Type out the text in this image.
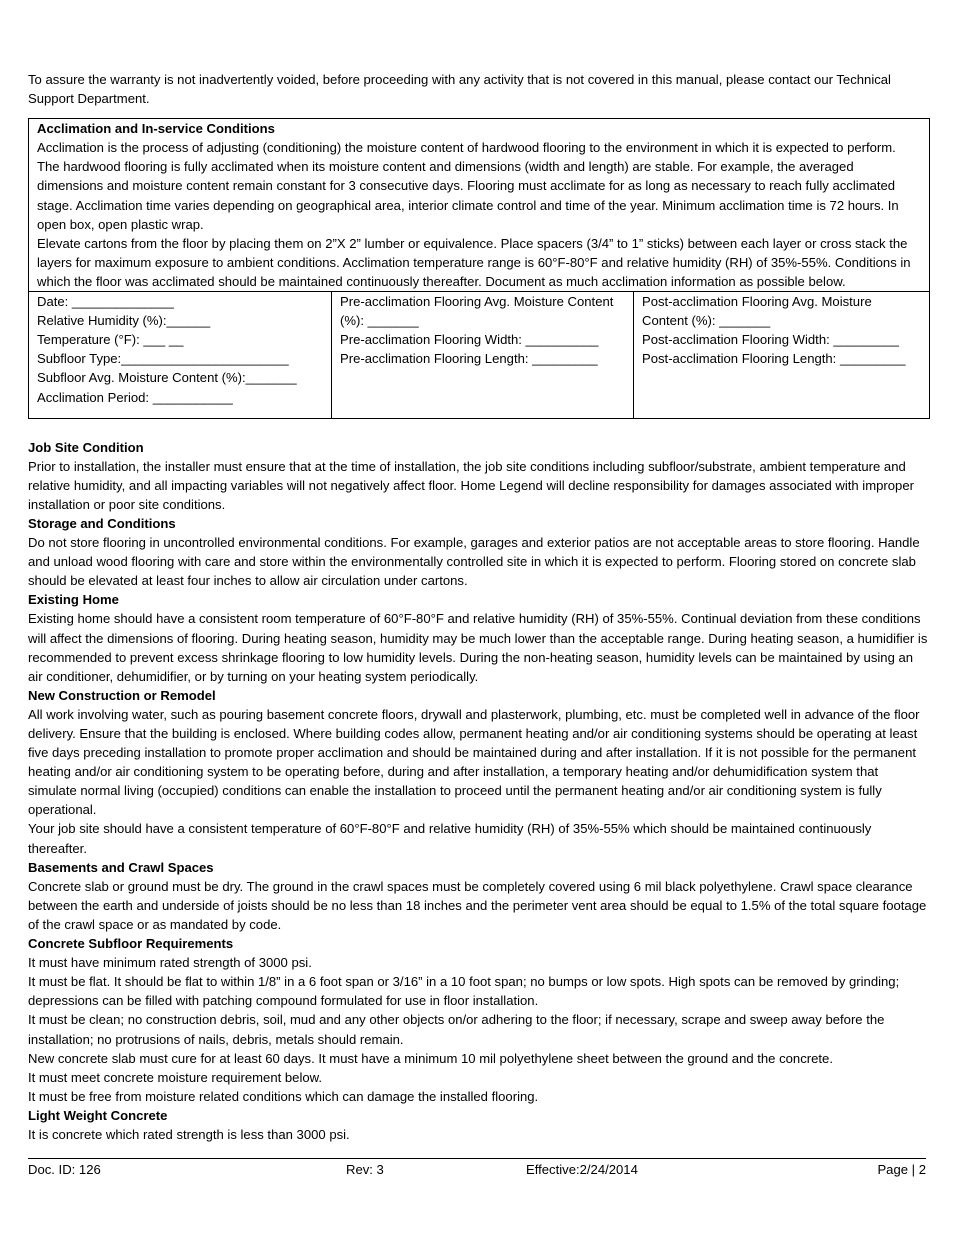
To assure the warranty is not inadvertently voided, before proceeding with any activity that is not covered in this manual, please contact our Technical Support Department.

Acclimation and In-service Conditions

Acclimation is the process of adjusting (conditioning) the moisture content of hardwood flooring to the environment in which it is expected to perform. The hardwood flooring is fully acclimated when its moisture content and dimensions (width and length) are stable. For example, the averaged dimensions and moisture content remain constant for 3 consecutive days. Flooring must acclimate for as long as necessary to reach fully acclimated stage. Acclimation time varies depending on geographical area, interior climate control and time of the year. Minimum acclimation time is 72 hours. In open box, open plastic wrap.

Elevate cartons from the floor by placing them on 2”X 2” lumber or equivalence. Place spacers (3/4” to 1” sticks) between each layer or cross stack the layers for maximum exposure to ambient conditions. Acclimation temperature range is 60°F-80°F and relative humidity (RH) of 35%-55%. Conditions in which the floor was acclimated should be maintained continuously thereafter. Document as much acclimation information as possible below.

Date: ______________

Relative Humidity (%):______

Temperature (°F): ___ __

Subfloor Type:_______________________

Subfloor Avg. Moisture Content (%):_______

Acclimation Period: ___________

Pre-acclimation Flooring Avg. Moisture Content (%): _______

Pre-acclimation Flooring Width: __________

Pre-acclimation Flooring Length: _________

Post-acclimation Flooring Avg. Moisture Content (%): _______

Post-acclimation Flooring Width: _________

Post-acclimation Flooring Length: _________

Job Site Condition

Prior to installation, the installer must ensure that at the time of installation, the job site conditions including subfloor/substrate, ambient temperature and relative humidity, and all impacting variables will not negatively affect floor. Home Legend will decline responsibility for damages associated with improper installation or poor site conditions.

Storage and Conditions

Do not store flooring in uncontrolled environmental conditions. For example, garages and exterior patios are not acceptable areas to store flooring. Handle and unload wood flooring with care and store within the environmentally controlled site in which it is expected to perform. Flooring stored on concrete slab should be elevated at least four inches to allow air circulation under cartons.

Existing Home

Existing home should have a consistent room temperature of 60°F-80°F and relative humidity (RH) of 35%-55%. Continual deviation from these conditions will affect the dimensions of flooring. During heating season, humidity may be much lower than the acceptable range. During heating season, a humidifier is recommended to prevent excess shrinkage flooring to low humidity levels. During the non-heating season, humidity levels can be maintained by using an air conditioner, dehumidifier, or by turning on your heating system periodically.

New Construction or Remodel

All work involving water, such as pouring basement concrete floors, drywall and plasterwork, plumbing, etc. must be completed well in advance of the floor delivery. Ensure that the building is enclosed. Where building codes allow, permanent heating and/or air conditioning systems should be operating at least five days preceding installation to promote proper acclimation and should be maintained during and after installation. If it is not possible for the permanent heating and/or air conditioning system to be operating before, during and after installation, a temporary heating and/or dehumidification system that simulate normal living (occupied) conditions can enable the installation to proceed until the permanent heating and/or air conditioning system is fully operational.

Your job site should have a consistent temperature of 60°F-80°F and relative humidity (RH) of 35%-55% which should be maintained continuously thereafter.

Basements and Crawl Spaces

Concrete slab or ground must be dry. The ground in the crawl spaces must be completely covered using 6 mil black polyethylene. Crawl space clearance between the earth and underside of joists should be no less than 18 inches and the perimeter vent area should be equal to 1.5% of the total square footage of the crawl space or as mandated by code.

Concrete Subfloor Requirements

It must have minimum rated strength of 3000 psi.

It must be flat. It should be flat to within 1/8” in a 6 foot span or 3/16” in a 10 foot span; no bumps or low spots. High spots can be removed by grinding; depressions can be filled with patching compound formulated for use in floor installation.

It must be clean; no construction debris, soil, mud and any other objects on/or adhering to the floor; if necessary, scrape and sweep away before the installation; no protrusions of nails, debris, metals should remain.

New concrete slab must cure for at least 60 days. It must have a minimum 10 mil polyethylene sheet between the ground and the concrete.

It must meet concrete moisture requirement below.

It must be free from moisture related conditions which can damage the installed flooring.

Light Weight Concrete

It is concrete which rated strength is less than 3000 psi.

Doc. ID: 126	Rev: 3	Effective:2/24/2014	Page | 2
